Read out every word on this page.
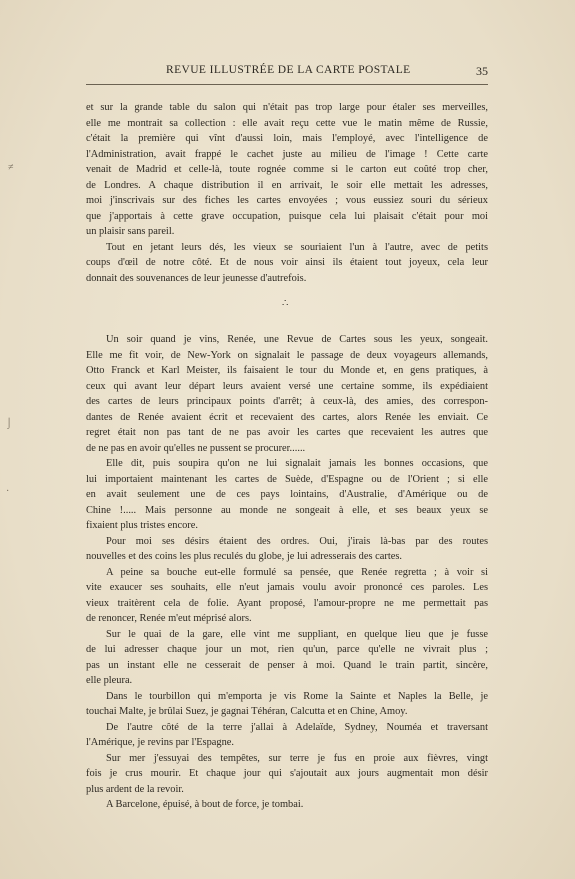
REVUE ILLUSTRÉE DE LA CARTE POSTALE	35

et sur la grande table du salon qui n'était pas trop large pour étaler ses merveilles,
elle me montrait sa collection : elle avait reçu cette vue le matin même de Russie,
c'était la première qui vînt d'aussi loin, mais l'employé, avec l'intelligence de
l'Administration, avait frappé le cachet juste au milieu de l'image ! Cette carte
venait de Madrid et celle-là, toute rognée comme si le carton eut coûté trop cher,
de Londres. A chaque distribution il en arrivait, le soir elle mettait les adresses,
moi j'inscrivais sur des fiches les cartes envoyées ; vous eussiez souri du sérieux
que j'apportais à cette grave occupation, puisque cela lui plaisait c'était pour moi
un plaisir sans pareil.

Tout en jetant leurs dés, les vieux se souriaient l'un à l'autre, avec de petits
coups d'œil de notre côté. Et de nous voir ainsi ils étaient tout joyeux, cela leur
donnait des souvenances de leur jeunesse d'autrefois.

∴

Un soir quand je vins, Renée, une Revue de Cartes sous les yeux, songeait.
Elle me fit voir, de New-York on signalait le passage de deux voyageurs allemands,
Otto Franck et Karl Meister, ils faisaient le tour du Monde et, en gens pratiques, à
ceux qui avant leur départ leurs avaient versé une certaine somme, ils expédiaient
des cartes de leurs principaux points d'arrêt; à ceux-là, des amies, des correspon-
dantes de Renée avaient écrit et recevaient des cartes, alors Renée les enviait. Ce
regret était non pas tant de ne pas avoir les cartes que recevaient les autres que
de ne pas en avoir qu'elles ne pussent se procurer......

Elle dit, puis soupira qu'on ne lui signalait jamais les bonnes occasions, que
lui importaient maintenant les cartes de Suède, d'Espagne ou de l'Orient ; si elle
en avait seulement une de ces pays lointains, d'Australie, d'Amérique ou de
Chine !..... Mais personne au monde ne songeait à elle, et ses beaux yeux se
fixaient plus tristes encore.

Pour moi ses désirs étaient des ordres. Oui, j'irais là-bas par des routes
nouvelles et des coins les plus reculés du globe, je lui adresserais des cartes.

A peine sa bouche eut-elle formulé sa pensée, que Renée regretta ; à voir si
vite exaucer ses souhaits, elle n'eut jamais voulu avoir prononcé ces paroles. Les
vieux traitèrent cela de folie. Ayant proposé, l'amour-propre ne me permettait pas
de renoncer, Renée m'eut méprisé alors.

Sur le quai de la gare, elle vint me suppliant, en quelque lieu que je fusse
de lui adresser chaque jour un mot, rien qu'un, parce qu'elle ne vivrait plus ;
pas un instant elle ne cesserait de penser à moi. Quand le train partit, sincère,
elle pleura.

Dans le tourbillon qui m'emporta je vis Rome la Sainte et Naples la Belle, je
touchai Malte, je brûlai Suez, je gagnai Téhéran, Calcutta et en Chine, Amoy.

De l'autre côté de la terre j'allai à Adelaïde, Sydney, Nouméa et traversant
l'Amérique, je revins par l'Espagne.

Sur mer j'essuyai des tempêtes, sur terre je fus en proie aux fièvres, vingt
fois je crus mourir. Et chaque jour qui s'ajoutait aux jours augmentait mon désir
plus ardent de la revoir.

A Barcelone, épuisé, à bout de force, je tombai.

≠
⌡
·
